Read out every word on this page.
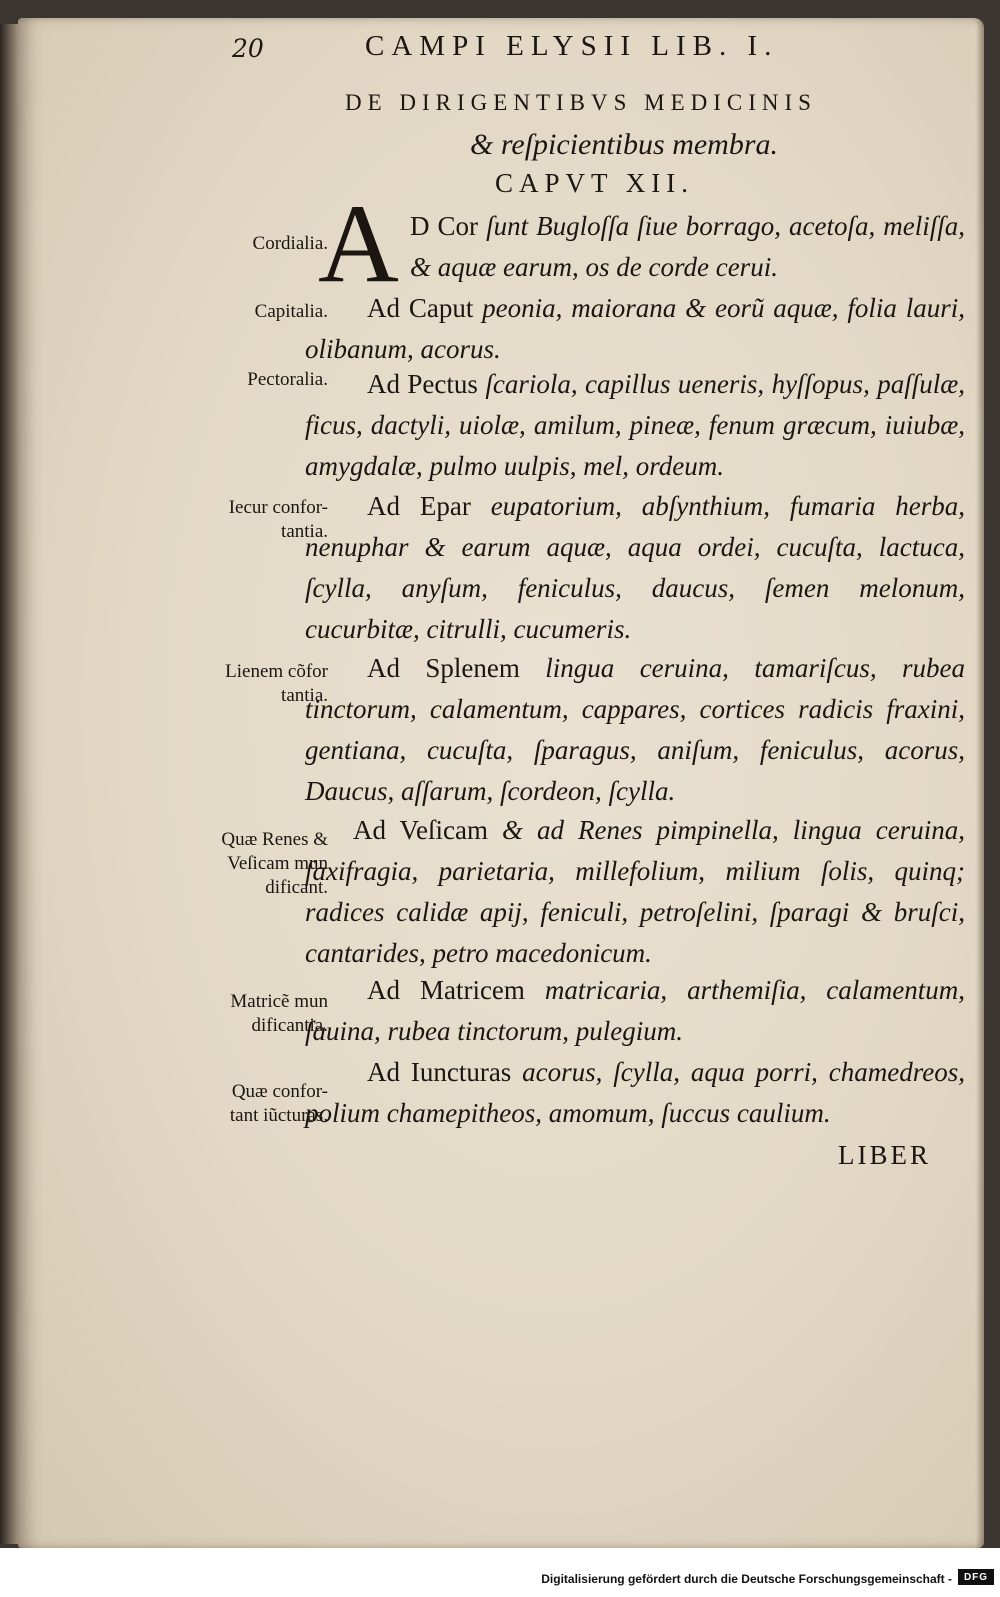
20	CAMPI ELYSII LIB. I.
DE DIRIGENTIBVS MEDICINIS
& reſpicientibus membra.
CAPVT XII.
A
Cordialia.
D Cor ſunt Bugloſſa ſiue borrago, acetoſa, meliſſa, & aquæ earum, os de corde cerui.
Capitalia.	Ad Caput peonia, maiorana & eorũ aquæ, folia lauri, olibanum, acorus.
Pectoralia.	Ad Pectus ſcariola, capillus ueneris, hyſſopus, paſſulæ, ficus, dactyli, uiolæ, amilum, pineæ, fenum græcum, iuiubæ, amygdalæ, pulmo uulpis, mel, ordeum.
Iecur confor-
tantia.
Ad Epar eupatorium, abſynthium, fumaria herba, nenuphar & earum aquæ, aqua ordei, cucuſta, lactuca, ſcylla, anyſum, feniculus, daucus, ſemen melonum, cucurbitæ, citrulli, cucumeris.
Lienem cõfor
tantia.
Ad Splenem lingua ceruina, tamariſcus, rubea tinctorum, calamentum, cappares, cortices radicis fraxini, gentiana, cucuſta, ſparagus, aniſum, feniculus, acorus, Daucus, aſſarum, ſcordeon, ſcylla.
Quæ Renes &
Veſicam mun
dificant.
Ad Veſicam & ad Renes pimpinella, lingua ceruina, ſaxifragia, parietaria, millefolium, milium ſolis, quinq; radices calidæ apij, feniculi, petroſelini, ſparagi & bruſci, cantarides, petro macedonicum.
Matricẽ mun
dificantia.
Ad Matricem matricaria, arthemiſia, calamentum, ſauina, rubea tinctorum, pulegium.
Quæ confor-
tant iũcturas.
Ad Iuncturas acorus, ſcylla, aqua porri, chamedreos, polium chamepitheos, amomum, ſuccus caulium.
LIBER
Digitalisierung gefördert durch die Deutsche Forschungsgemeinschaft -	DFG
